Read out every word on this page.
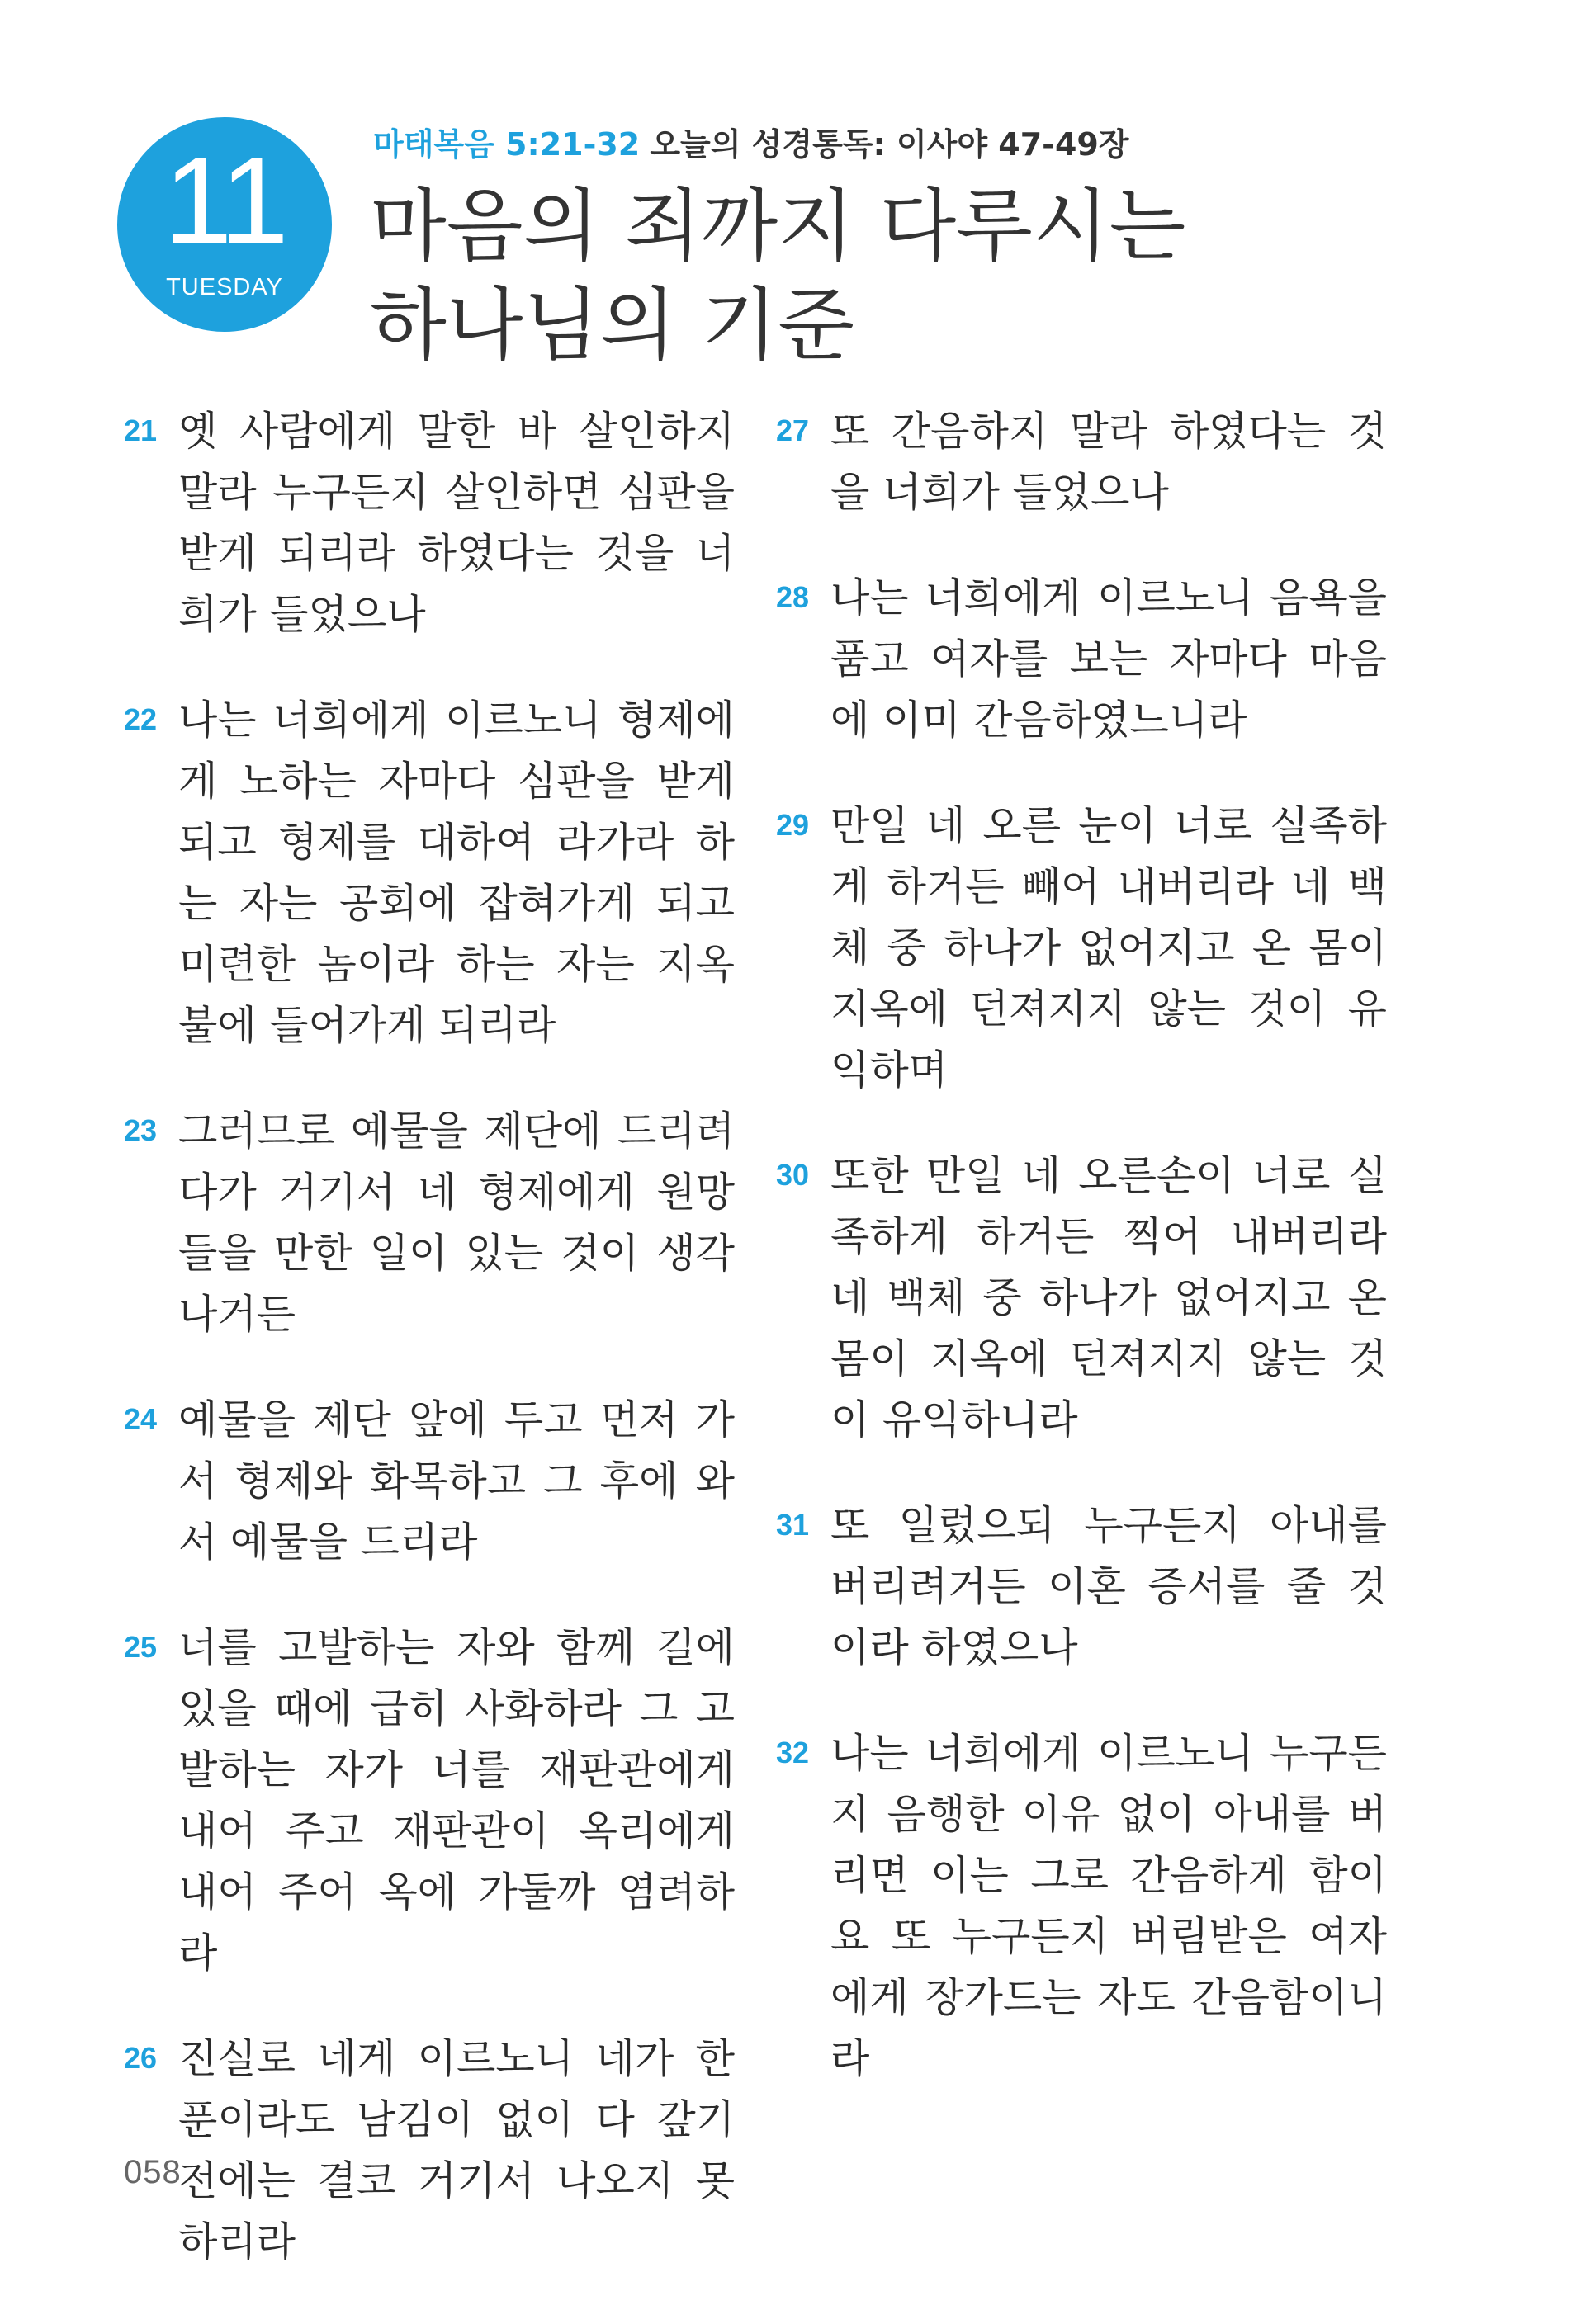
11
TUESDAY
마태복음 5:21-32 오늘의 성경통독: 이사야 47-49장
마음의 죄까지 다루시는
하나님의 기준
21 옛 사람에게 말한 바 살인하지 말라 누구든지 살인하면 심판을 받게 되리라 하였다는 것을 너희가 들었으나
22 나는 너희에게 이르노니 형제에게 노하는 자마다 심판을 받게 되고 형제를 대하여 라가라 하는 자는 공회에 잡혀가게 되고 미련한 놈이라 하는 자는 지옥 불에 들어가게 되리라
23 그러므로 예물을 제단에 드리려다가 거기서 네 형제에게 원망들을 만한 일이 있는 것이 생각나거든
24 예물을 제단 앞에 두고 먼저 가서 형제와 화목하고 그 후에 와서 예물을 드리라
25 너를 고발하는 자와 함께 길에 있을 때에 급히 사화하라 그 고발하는 자가 너를 재판관에게 내어 주고 재판관이 옥리에게 내어 주어 옥에 가둘까 염려하라
26 진실로 네게 이르노니 네가 한 푼이라도 남김이 없이 다 갚기 전에는 결코 거기서 나오지 못하리라
27 또 간음하지 말라 하였다는 것을 너희가 들었으나
28 나는 너희에게 이르노니 음욕을 품고 여자를 보는 자마다 마음에 이미 간음하였느니라
29 만일 네 오른 눈이 너로 실족하게 하거든 빼어 내버리라 네 백체 중 하나가 없어지고 온 몸이 지옥에 던져지지 않는 것이 유익하며
30 또한 만일 네 오른손이 너로 실족하게 하거든 찍어 내버리라 네 백체 중 하나가 없어지고 온 몸이 지옥에 던져지지 않는 것이 유익하니라
31 또 일렀으되 누구든지 아내를 버리려거든 이혼 증서를 줄 것이라 하였으나
32 나는 너희에게 이르노니 누구든지 음행한 이유 없이 아내를 버리면 이는 그로 간음하게 함이요 또 누구든지 버림받은 여자에게 장가드는 자도 간음함이니라
058
